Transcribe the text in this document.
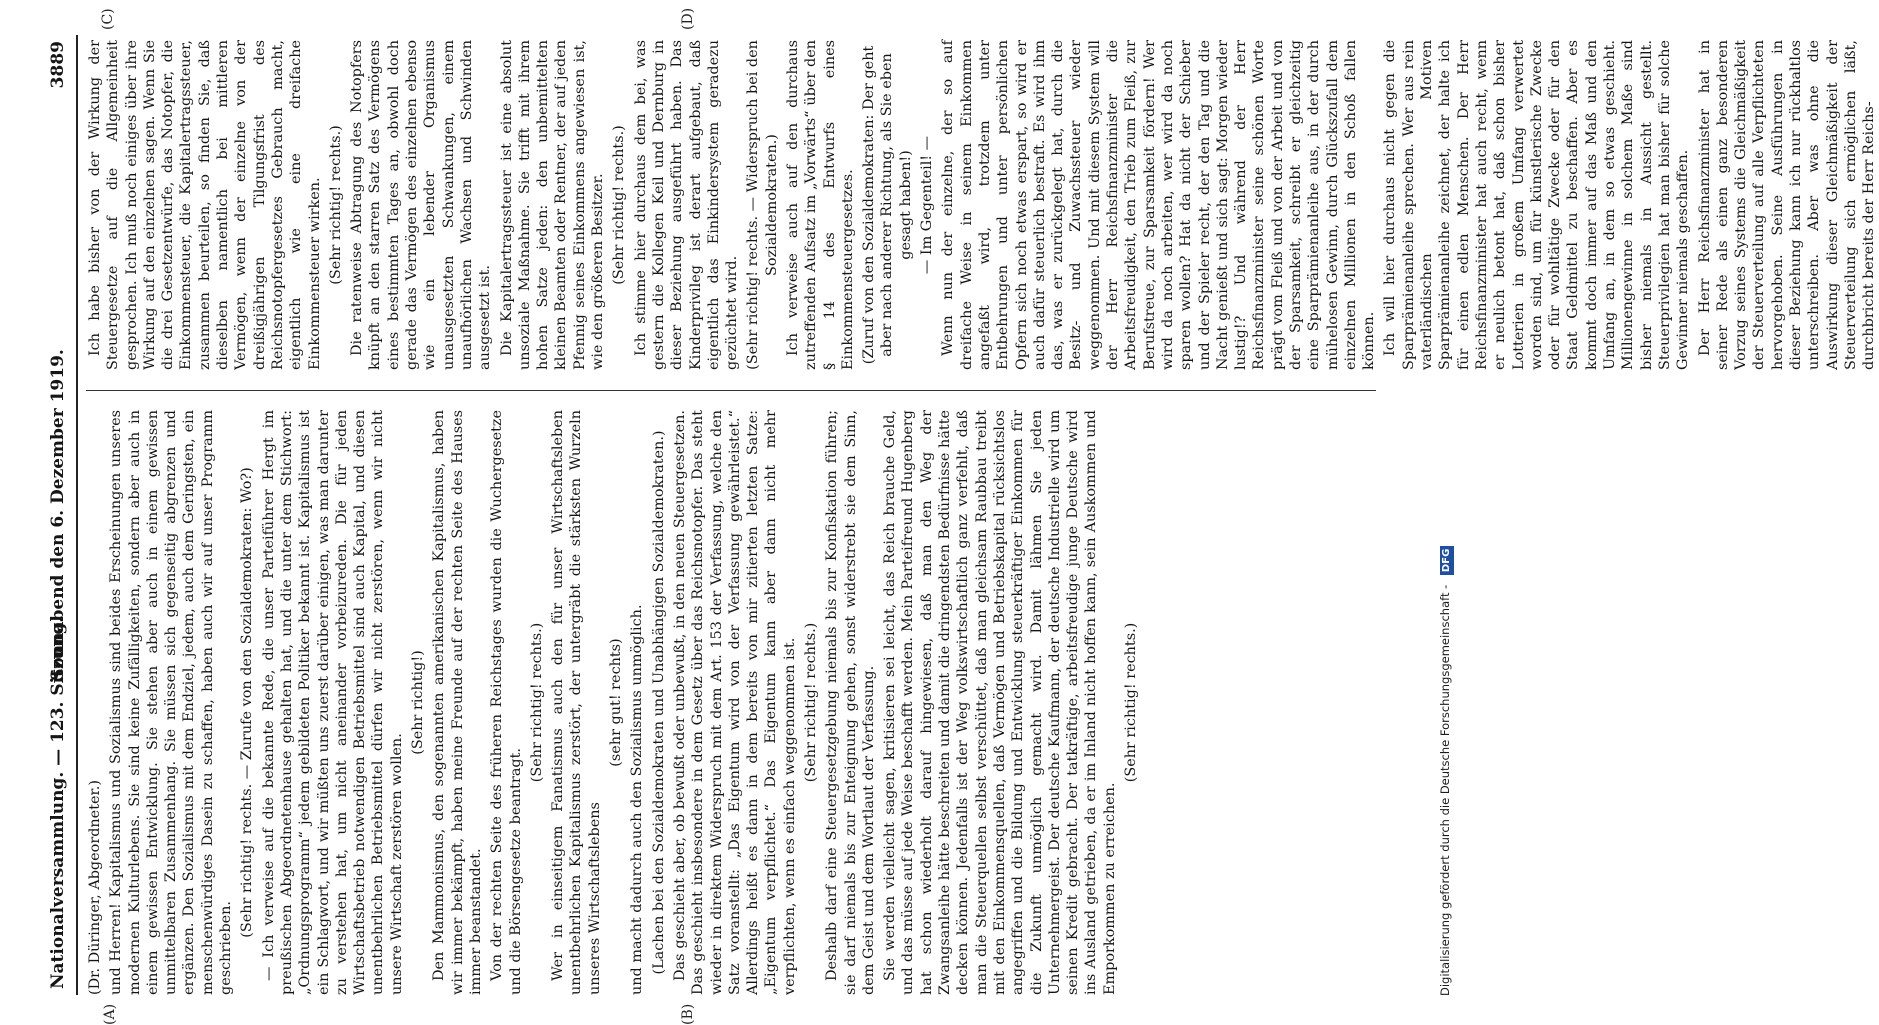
Nationalversammlung. — 123. Sitzung.
Sonnabend den 6. Dezember 1919.
3889
(A)	(B)
(C)	(D)

(Dr. Düringer, Abgeordneter.) und Herren! Kapitalismus und Sozialismus sind beides Erscheinungen unseres modernen Kulturlebens. Sie sind keine Zufälligkeiten, sondern aber auch in einem gewissen Entwicklung. Sie stehen aber auch in einem gewissen unmittelbaren Zusammenhang. Sie müssen sich gegenseitig abgrenzen und ergänzen. Den Sozialismus mit dem Endziel, jedem, auch dem Geringsten, ein menschenwürdiges Dasein zu schaffen, haben auch wir auf unser Programm geschrieben.

(Sehr richtig! rechts. — Zurufe von den Sozialdemokraten: Wo?) — Ich verweise auf die bekannte Rede, die unser Parteiführer Hergt im preußischen Abgeordnetenhause gehalten hat, und die unter dem Stichwort: „Ordnungsprogramm“ jedem gebildeten Politiker bekannt ist. Kapitalismus ist ein Schlagwort, und wir müßten uns zuerst darüber einigen, was man darunter zu verstehen hat, um nicht aneinander vorbeizureden. Die für jeden Wirtschaftsbetrieb notwendigen Betriebsmittel sind auch Kapital, und diesen unentbehrlichen Betriebsmittel dürfen wir nicht zerstören, wenn wir nicht unsere Wirtschaft zerstören wollen.

(Sehr richtig!) Den Mammonismus, den sogenannten amerikanischen Kapitalismus, haben wir immer bekämpft, haben meine Freunde auf der rechten Seite des Hauses immer beanstandet. Von der rechten Seite des früheren Reichstages wurden die Wuchergesetze und die Börsengesetze beantragt.

(Sehr richtig! rechts.) Wer in einseitigem Fanatismus auch den für unser Wirtschaftsleben unentbehrlichen Kapitalismus zerstört, der untergräbt die stärksten Wurzeln unseres Wirtschaftslebens

(sehr gut! rechts) und macht dadurch auch den Sozialismus unmöglich. (Lachen bei den Sozialdemokraten und Unabhängigen Sozialdemokraten.) Das geschieht aber, ob bewußt oder unbewußt, in den neuen Steuergesetzen. Das geschieht insbesondere in dem Gesetz über das Reichsnotopfer. Das steht wieder in direktem Widerspruch mit dem Art. 153 der Verfassung, welche den Satz voranstellt: „Das Eigentum wird von der Verfassung gewährleistet.“ Allerdings heißt es dann in dem bereits von mir zitierten letzten Satze: „Eigentum verpflichtet.“ Das Eigentum kann aber dann nicht mehr verpflichten, wenn es einfach weggenommen ist. (Sehr richtig! rechts.) Deshalb darf eine Steuergesetzgebung niemals bis zur Konfiskation führen; sie darf niemals bis zur Enteignung gehen, sonst widerstrebt sie dem Sinn, dem Geist und dem Wortlaut der Verfassung. Sie werden vielleicht sagen, kritisieren sei leicht, das Reich brauche Geld, und das müsse auf jede Weise beschafft werden. Mein Parteifreund Hugenberg hat schon wiederholt darauf hingewiesen, daß man den Weg der Zwangsanleihe hätte beschreiten und damit die dringendsten Bedürfnisse hätte decken können. Jedenfalls ist der Weg volkswirtschaftlich ganz verfehlt, daß man die Steuerquellen selbst verschüttet, daß man gleichsam Raubbau treibt mit den Einkommensquellen, daß Vermögen und Betriebskapital rücksichtslos angegriffen und die Bildung und Entwicklung steuerkräftiger Einkommen für die Zukunft unmöglich gemacht wird. Damit lähmen Sie jeden Unternehmergeist. Der deutsche Kaufmann, der deutsche Industrielle wird um seinen Kredit gebracht. Der tatkräftige, arbeitsfreudige junge Deutsche wird ins Ausland getrieben, da er im Inland nicht hoffen kann, sein Auskommen und Emporkommen zu erreichen.

(Sehr richtig! rechts.)

Ich habe bisher von der Wirkung der Steuergesetze auf die Allgemeinheit gesprochen. Ich muß noch einiges über ihre Wirkung auf den einzelnen sagen. Wenn Sie die drei Gesetzentwürfe, das Notopfer, die Einkommensteuer, die Kapitalertragssteuer, zusammen beurteilen, so finden Sie, daß dieselben namentlich bei mittleren Vermögen, wenn der einzelne von der dreißigjährigen Tilgungsfrist des Reichsnotopfergesetzes Gebrauch macht, eigentlich wie eine dreifache Einkommensteuer wirken. (Sehr richtig! rechts.) Die ratenweise Abtragung des Notopfers knüpft an den starren Satz des Vermögens eines bestimmten Tages an, obwohl doch gerade das Vermögen des einzelnen ebenso wie ein lebender Organismus unausgesetzten Schwankungen, einem unaufhörlichen Wachsen und Schwinden ausgesetzt ist. Die Kapitalertragssteuer ist eine absolut unsoziale Maßnahme. Sie trifft mit ihrem hohen Satze jeden: den unbemittelten kleinen Beamten oder Rentner, der auf jeden Pfennig seines Einkommens angewiesen ist, wie den größeren Besitzer. (Sehr richtig! rechts.) Ich stimme hier durchaus dem bei, was gestern die Kollegen Keil und Dernburg in dieser Beziehung ausgeführt haben. Das Kinderprivileg ist derart aufgebaut, daß eigentlich das Einkindersystem geradezu gezüchtet wird. (Sehr richtig! rechts. — Widerspruch bei den Sozialdemokraten.) Ich verweise auch auf den durchaus zutreffenden Aufsatz im „Vorwärts“ über den § 14 des Entwurfs eines Einkommensteuergesetzes. (Zuruf von den Sozialdemokraten: Der geht aber nach anderer Richtung, als Sie eben gesagt haben!) — Im Gegenteil! — Wenn nun der einzelne, der so auf dreifache Weise in seinem Einkommen angefaßt wird, trotzdem unter Entbehrungen und unter persönlichen Opfern sich noch etwas erspart, so wird er auch dafür steuerlich bestraft. Es wird ihm das, was er zurückgelegt hat, durch die Besitz- und Zuwachssteuer wieder weggenommen. Und mit diesem System will der Herr Reichsfinanzminister die Arbeitsfreudigkeit, den Trieb zum Fleiß, zur Berufstreue, zur Sparsamkeit fördern! Wer wird da noch arbeiten, wer wird da noch sparen wollen? Hat da nicht der Schieber und der Spieler recht, der den Tag und die Nacht genießt und sich sagt: Morgen wieder lustig!? Und während der Herr Reichsfinanzminister seine schönen Worte prägt vom Fleiß und von der Arbeit und von der Sparsamkeit, schreibt er gleichzeitig eine Sparprämienanleihe aus, in der durch mühelosen Gewinn, durch Glückszufall dem einzelnen Millionen in den Schoß fallen können. Ich will hier durchaus nicht gegen die Sparprämienanleihe sprechen. Wer aus rein vaterländischen Motiven Sparprämienanleihe zeichnet, der halte ich für einen edlen Menschen. Der Herr Reichsfinanzminister hat auch recht, wenn er neulich betont hat, daß schon bisher Lotterien in großem Umfang verwertet worden sind, um für künstlerische Zwecke oder für wohltätige Zwecke oder für den Staat Geldmittel zu beschaffen. Aber es kommt doch immer auf das Maß und den Umfang an, in dem so etwas geschieht. Millionengewinne in solchem Maße sind bisher niemals in Aussicht gestellt. Steuerprivilegien hat man bisher für solche Gewinner niemals geschaffen. Der Herr Reichsfinanzminister hat in seiner Rede als einen ganz besonderen Vorzug seines Systems die Gleichmäßigkeit der Steuerverteilung auf alle Verpflichteten hervorgehoben. Seine Ausführungen in dieser Beziehung kann ich nur rückhaltlos unterschreiben. Aber was ohne die Auswirkung dieser Gleichmäßigkeit der Steuerverteilung sich ermöglichen läßt, durchbricht bereits der Herr Reichs-

Digitalisierung gefördert durch die Deutsche Forschungsgemeinschaft - DFG
